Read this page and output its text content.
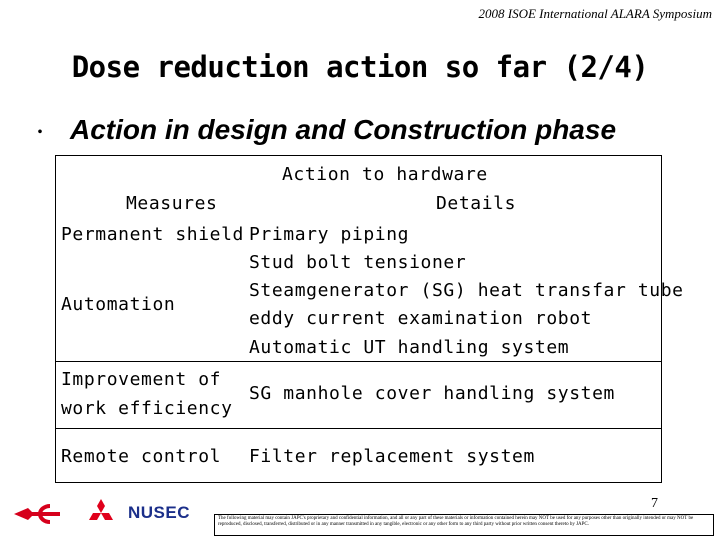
2008 ISOE International ALARA Symposium
Dose reduction action so far (2/4)
・ Action in design and Construction phase
Action to hardware
Measures	Details
Permanent shield Primary piping
Stud bolt tensioner
Automation
Steamgenerator (SG) heat transfar tube
eddy current examination robot
Automatic UT handling system
Improvement of
work efficiency
SG manhole cover handling system
Remote control Filter replacement system
NUSEC	7
The following material may contain JAPC's proprietary and confidential information, and all or any part of these materials or information contained herein may NOT be used for any purposes other than originally intended or may NOT be reproduced, disclosed, transferred, distributed or in any manner transmitted in any tangible, electronic or any other form to any third party without prior written consent thereto by JAPC.
